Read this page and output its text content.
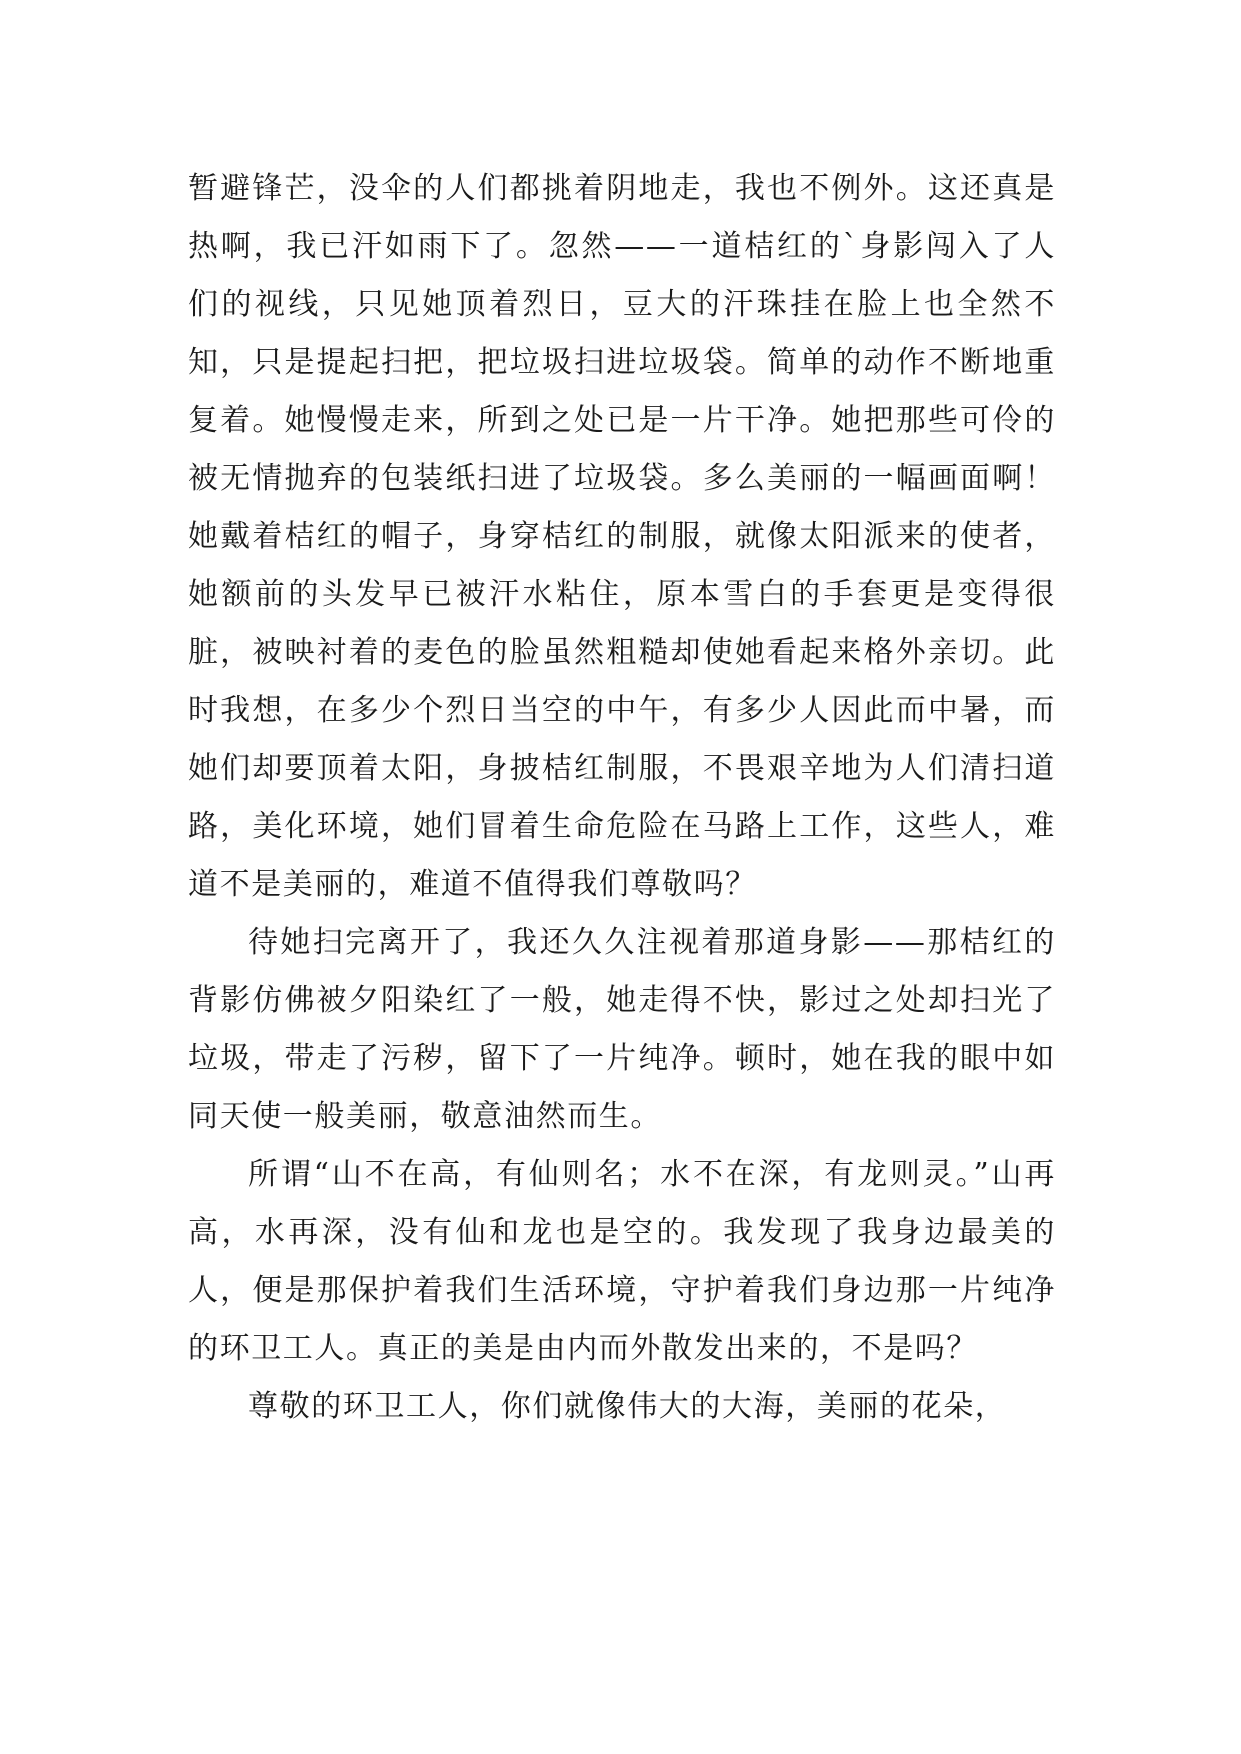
暂避锋芒，没伞的人们都挑着阴地走，我也不例外。这还真是热啊，我已汗如雨下了。忽然——一道桔红的`身影闯入了人们的视线，只见她顶着烈日，豆大的汗珠挂在脸上也全然不知，只是提起扫把，把垃圾扫进垃圾袋。简单的动作不断地重复着。她慢慢走来，所到之处已是一片干净。她把那些可伶的被无情抛弃的包装纸扫进了垃圾袋。多么美丽的一幅画面啊！她戴着桔红的帽子，身穿桔红的制服，就像太阳派来的使者，她额前的头发早已被汗水粘住，原本雪白的手套更是变得很脏，被映衬着的麦色的脸虽然粗糙却使她看起来格外亲切。此时我想，在多少个烈日当空的中午，有多少人因此而中暑，而她们却要顶着太阳，身披桔红制服，不畏艰辛地为人们清扫道路，美化环境，她们冒着生命危险在马路上工作，这些人，难道不是美丽的，难道不值得我们尊敬吗？

待她扫完离开了，我还久久注视着那道身影——那桔红的背影仿佛被夕阳染红了一般，她走得不快，影过之处却扫光了垃圾，带走了污秽，留下了一片纯净。顿时，她在我的眼中如同天使一般美丽，敬意油然而生。

所谓“山不在高，有仙则名；水不在深，有龙则灵。”山再高，水再深，没有仙和龙也是空的。我发现了我身边最美的人，便是那保护着我们生活环境，守护着我们身边那一片纯净的环卫工人。真正的美是由内而外散发出来的，不是吗？

尊敬的环卫工人，你们就像伟大的大海，美丽的花朵，
